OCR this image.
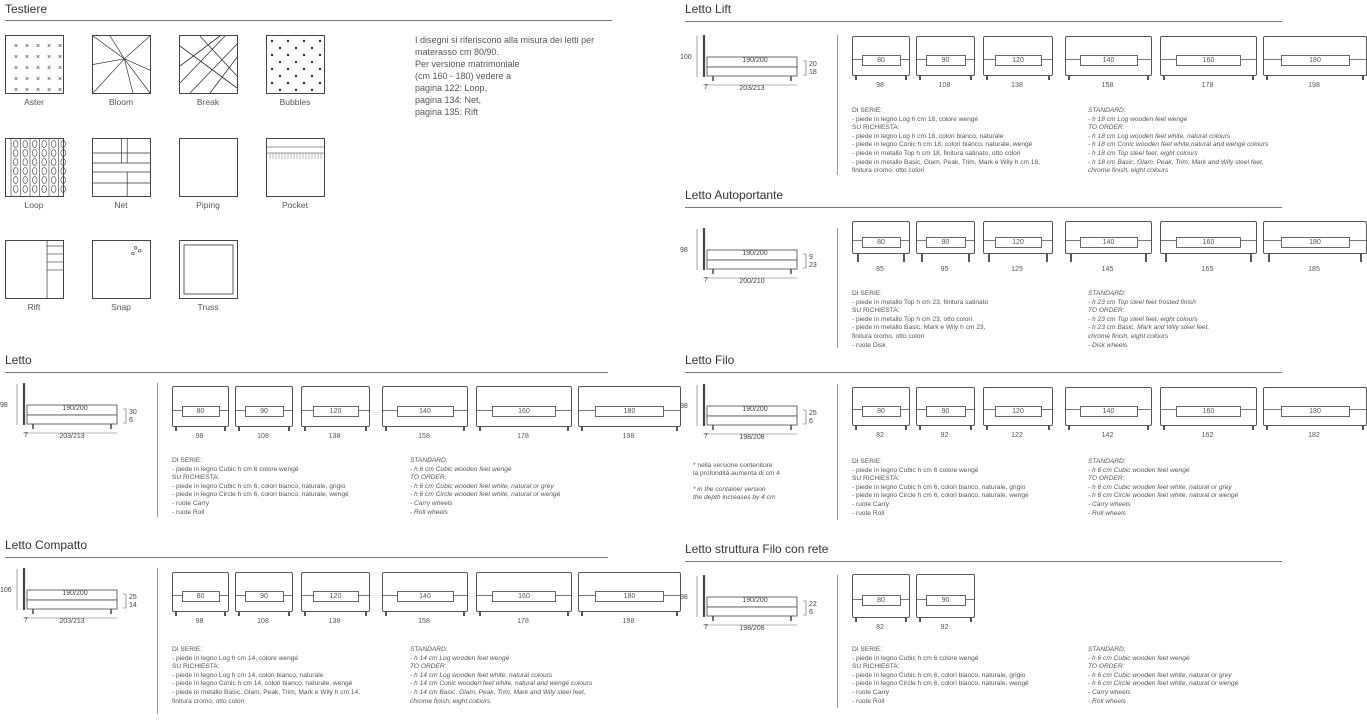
Testiere
× × × × ×
× × × × ×
× × × × ×
× × × × ×
× × × × ×
Aster	Bloom	Break	Bubbles
Loop	Net	Piping	Pocket
Rift	Snap	Truss
I disegni si riferiscono alla misura dei letti per
materasso cm 80/90.
Per versione matrimoniale
(cm 160 - 180) vedere a
pagina 122: Loop,
pagina 134: Net,
pagina 135: Rift
Letto
98	190/200
203/213
7
30
6
80
98
90
108
120
138
140
158
160
178
180
198
DI SERIE:
- piede in legno Cubic h cm 6 colore wengé
SU RICHIESTA:
- piede in legno Cubic h cm 6, colori bianco, naturale, grigio
- piede in legno Circle h cm 6, colori bianco, naturale, wengé
- ruote Carry
- ruote Roll
STANDARD:
- h 6 cm Cubic wooden feet wengé
TO ORDER:
- h 6 cm Cubic wooden feet white, natural or grey
- h 6 cm Circle wooden feet white, natural or wengé
- Carry wheels
- Roll wheels
Letto Compatto
106	190/200
203/213
7
25
14
80
98
90
108
120
138
140
158
160
178
180
198
DI SERIE:
- piede in legno Log h cm 14, colore wengé
SU RICHIESTA:
- piede in legno Log h cm 14, colori bianco, naturale
- piede in legno Conic h cm 14, colori bianco, naturale, wengé
- piede in metallo Basic, Glam, Peak, Trim, Mark e Wily h cm 14,
finitura cromo, otto colori
STANDARD:
- h 14 cm Log wooden feet wengé
TO ORDER:
- h 14 cm Log wooden feet white, natural colours
- h 14 cm Conic wooden feet white, natural and wengé colours
- h 14 cm Basic, Glam, Peak, Trim, Mark and Wily steel feet,
chrome finish, eight colours
Letto Lift
100	190/200
203/213
7
20
18
80
98
90
108
120
138
140
158
160
178
180
198
DI SERIE:
- piede in legno Log h cm 18, colore wengé
SU RICHIESTA:
- piede in legno Log h cm 18, colori bianco, naturale
- piede in legno Conic h cm 18, colori bianco, naturale, wengé
- piede in metallo Top h cm 18, finitura satinato, otto colori
- piede in metallo Basic, Glam, Peak, Trim, Mark e Wily h cm 18,
finitura cromo, otto colori
STANDARD:
- h 18 cm Log wooden feet wengé
TO ORDER:
- h 18 cm Log wooden feet white, natural colours
- h 18 cm Conic wooden feet white,natural and wengé colours
- h 18 cm Top steel feet, eight colours
- h 18 cm Basic, Glam, Peak, Trim, Mark and Wily steel feet,
chrome finish, eight colours
Letto Autoportante
98	190/200
200/210
7
9
23
80
85
90
95
120
125
140
145
160
165
180
185
DI SERIE:
- piede in metallo Top h cm 23, finitura satinato
SU RICHIESTA:
- piede in metallo Top h cm 23, otto colori
- piede in metallo Basic, Mark e Wily h cm 23,
finitura cromo, otto colori
- ruote Disk
STANDARD:
- h 23 cm Top steel feet frosted finish
TO ORDER:
- h 23 cm Top steel feet, eight colours
- h 23 cm Basic, Mark and Wily steel feet,
chrome finish, eight colours
- Disk wheels
Letto Filo
98	190/200
198/208
7
25
6
80
82
90
92
120
122
140
142
160
162
180
182
* nella versione contenitore
la profondità aumenta di cm 4
* in the container version
the depth increases by 4 cm
DI SERIE:
- piede in legno Cubic h cm 6 colore wengé
SU RICHIESTA:
- piede in legno Cubic h cm 6, colori bianco, naturale, grigio
- piede in legno Circle h cm 6, colori bianco, naturale, wengé
- ruote Carry
- ruote Roll
STANDARD:
- h 6 cm Cubic wooden feet wengé
TO ORDER:
- h 6 cm Cubic wooden feet white, natural or grey
- h 6 cm Circle wooden feet white, natural or wengé
- Carry wheels
- Roll wheels
Letto struttura Filo con rete
98	190/200
198/208
7
22
6
80
82
90
92
DI SERIE:
- piede in legno Cubic h cm 6 colore wengé
SU RICHIESTA:
- piede in legno Cubic h cm 6, colori bianco, naturale, grigio
- piede in legno Circle h cm 6, colori bianco, naturale, wengé
- ruote Carry
- ruote Roll
STANDARD:
- h 6 cm Cubic wooden feet wengé
TO ORDER:
- h 6 cm Cubic wooden feet white, natural or grey
- h 6 cm Circle wooden feet white, natural or wengé
- Carry wheels
- Roll wheels
